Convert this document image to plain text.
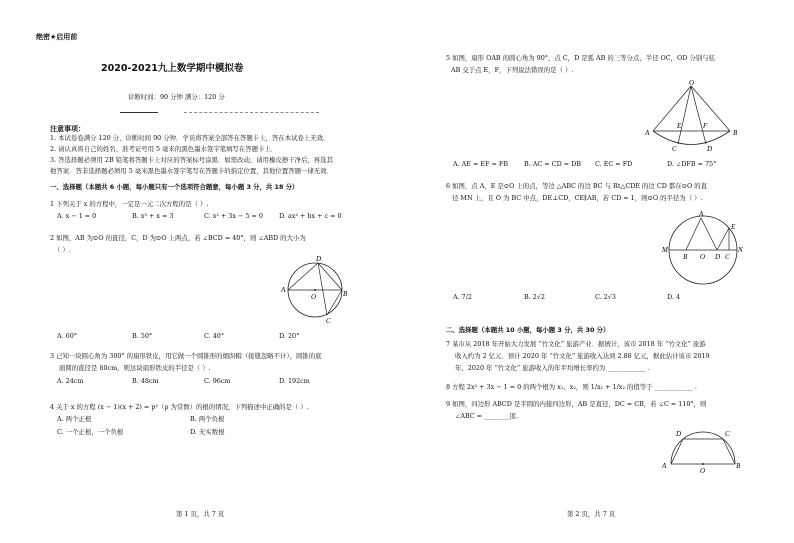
绝密★启用前
2020-2021九上数学期中模拟卷
诊断时间：90 分钟 满分：120 分
注意事项：
1. 本试卷卷满分 120 分，诊断时间 90 分钟．学员将答案全部答在答题卡上，答在本试卷上无效．
2. 请认真将自己的姓名、准考证号用 5 毫米的黑色墨水签字笔填写在答题卡上．
3. 答选择题必须用 2B 铅笔将答题卡上对应的答案标号涂黑．如需改动，请用橡皮擦干净后，再选其
他答案．答非选择题必须用 5 毫米黑色墨水签字笔写在答题卡的指定位置，其他位置答题一律无效．
一、选择题（本题共 6 小题，每小题只有一个选项符合题意，每小题 3 分，共 18 分）
1 下列关于 x 的方程中，一定是一元二次方程的是（ ）.
A. x − 1 = 0	B. x³ + x = 3	C. x² + 3x − 5 = 0	D. ax² + bx + c = 0
2 如图，AB 为⊙O 的直径，C，D 为⊙O 上两点，若 ∠BCD = 40°，则 ∠ABD 的大小为
（ ）.
D
A
O	B
C
A. 60°	B. 50°	C. 40°	D. 20°
3 已知一块圆心角为 300° 的扇形铁皮，用它做一个圆锥形的烟囱帽（接缝忽略不计），圆锥的底
面圆的直径是 80cm，则这块扇形铁皮的半径是（ ）.
A. 24cm	B. 48cm	C. 96cm	D. 192cm
4 关于 x 的方程 (x − 1)(x + 2) = p²（p 为常数）的根的情况，下列描述中正确的是（ ）.
A. 两个正根	B. 两个负根
C. 一个正根，一个负根	D. 无实数根
第 1 页，共 7 页
5 如图，扇形 OAB 的圆心角为 90°，点 C，D 是弧 AB 的三等分点，半径 OC，OD 分别与弦
AB 交于点 E，F，下列说法错误的是（ ）.
O
A
E	F
B
C	D
A. AE = EF = FB B. AC = CD = DB C. EC = FD	D. ∠DFB = 75°
6 如图，点 A，E 是⊙O 上的点，等边 △ABC 的边 BC 与 Rt△CDE 的边 CD 都在⊙O 的直
径 MN 上，且 O 为 BC 中点，DE⊥CD，CE∥AB，若 CD = 1，则⊙O 的半径为（ ）.
A
E
M
B O D C
N
A. 7/2	B. 2√2	C. 2√3	D. 4
二、选择题（本题共 10 小题，每小题 3 分，共 30 分）
7 某市从 2018 年开始大力发展 “竹文化” 旅游产业．据统计，该市 2018 年 “竹文化” 旅游
收入约为 2 亿元．预计 2020 年 “竹文化” 旅游收入达到 2.88 亿元，据此估计该市 2019
年、2020 年 “竹文化” 旅游收入的年平均增长率约为 ____________ .
8 方程 2x² + 3x − 1 = 0 的两个根为 x₁、x₂，则 1/x₁ + 1/x₂ 的值等于 ____________ .
9 如图，四边形 ABCD 是半圆的内接四边形，AB 是直径，DC = CB，若 ∠C = 110°，则
∠ABC = ________度.
D	C
A
O
B
第 2 页，共 7 页
